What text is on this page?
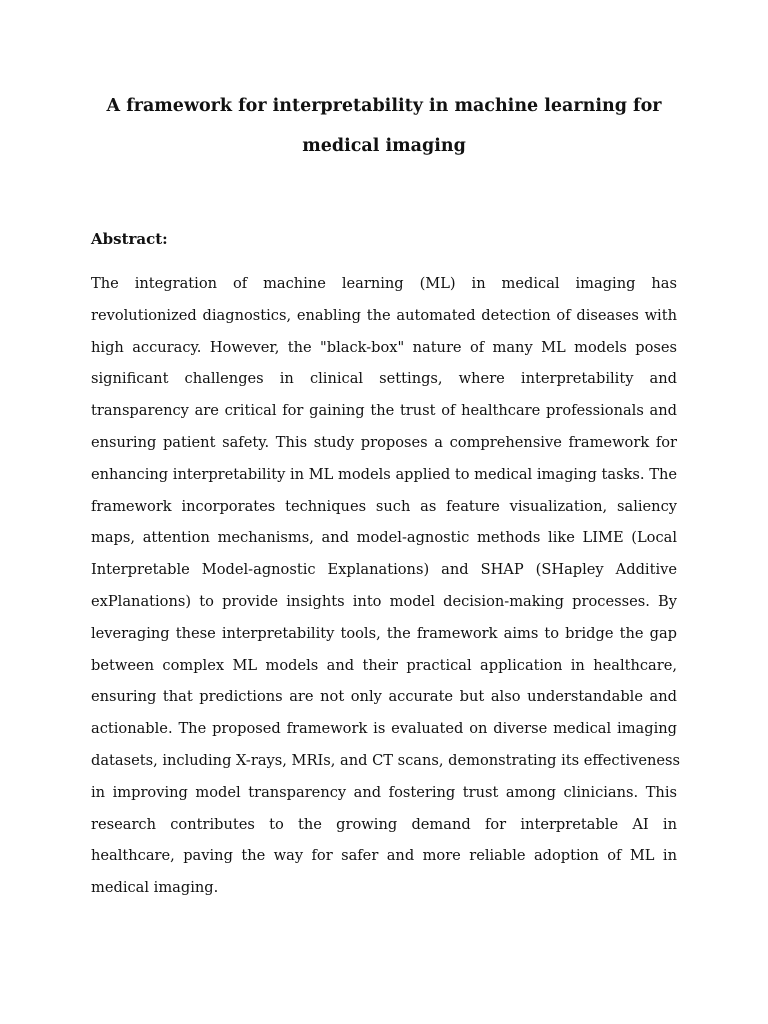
A framework for interpretability in machine learning for
medical imaging
Abstract:
The integration of machine learning (ML) in medical imaging has
revolutionized diagnostics, enabling the automated detection of diseases with
high accuracy. However, the "black-box" nature of many ML models poses
significant challenges in clinical settings, where interpretability and
transparency are critical for gaining the trust of healthcare professionals and
ensuring patient safety. This study proposes a comprehensive framework for
enhancing interpretability in ML models applied to medical imaging tasks. The
framework incorporates techniques such as feature visualization, saliency
maps, attention mechanisms, and model-agnostic methods like LIME (Local
Interpretable Model-agnostic Explanations) and SHAP (SHapley Additive
exPlanations) to provide insights into model decision-making processes. By
leveraging these interpretability tools, the framework aims to bridge the gap
between complex ML models and their practical application in healthcare,
ensuring that predictions are not only accurate but also understandable and
actionable. The proposed framework is evaluated on diverse medical imaging
datasets, including X-rays, MRIs, and CT scans, demonstrating its effectiveness
in improving model transparency and fostering trust among clinicians. This
research contributes to the growing demand for interpretable AI in
healthcare, paving the way for safer and more reliable adoption of ML in
medical imaging.
